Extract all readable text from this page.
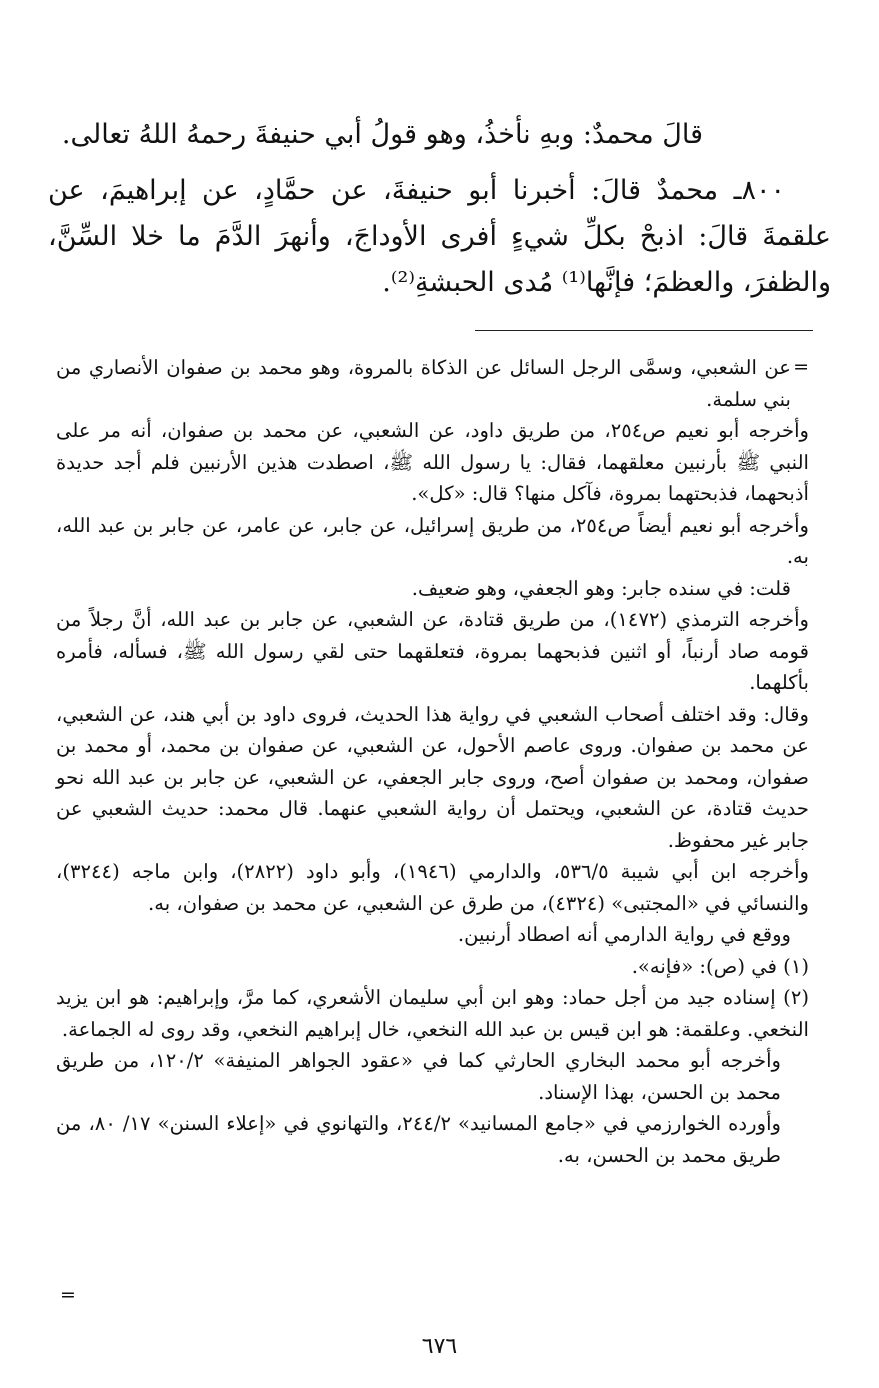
قالَ محمدٌ: وبهِ نأخذُ، وهو قولُ أبي حنيفةَ رحمهُ اللهُ تعالى.

٨٠٠ـ محمدٌ قالَ: أخبرنا أبو حنيفةَ، عن حمَّادٍ، عن إبراهيمَ، عن علقمةَ قالَ: اذبحْ بكلِّ شيءٍ أفرى الأوداجَ، وأنهرَ الدَّمَ ما خلا السِّنَّ، والظفرَ، والعظمَ؛ فإنَّها⁽¹⁾ مُدى الحبشةِ⁽²⁾.

=

عن الشعبي، وسمَّى الرجل السائل عن الذكاة بالمروة، وهو محمد بن صفوان الأنصاري من بني سلمة.

وأخرجه أبو نعيم ص٢٥٤، من طريق داود، عن الشعبي، عن محمد بن صفوان، أنه مر على النبي ﷺ بأرنبين معلقهما، فقال: يا رسول الله ﷺ، اصطدت هذين الأرنبين فلم أجد حديدة أذبحهما، فذبحتهما بمروة، فآكل منها؟ قال: «كل».

وأخرجه أبو نعيم أيضاً ص٢٥٤، من طريق إسرائيل، عن جابر، عن عامر، عن جابر بن عبد الله، به.

قلت: في سنده جابر: وهو الجعفي، وهو ضعيف.

وأخرجه الترمذي (١٤٧٢)، من طريق قتادة، عن الشعبي، عن جابر بن عبد الله، أنَّ رجلاً من قومه صاد أرنباً، أو اثنين فذبحهما بمروة، فتعلقهما حتى لقي رسول الله ﷺ، فسأله، فأمره بأكلهما.

وقال: وقد اختلف أصحاب الشعبي في رواية هذا الحديث، فروى داود بن أبي هند، عن الشعبي، عن محمد بن صفوان. وروى عاصم الأحول، عن الشعبي، عن صفوان بن محمد، أو محمد بن صفوان، ومحمد بن صفوان أصح، وروى جابر الجعفي، عن الشعبي، عن جابر بن عبد الله نحو حديث قتادة، عن الشعبي، ويحتمل أن رواية الشعبي عنهما. قال محمد: حديث الشعبي عن جابر غير محفوظ.

وأخرجه ابن أبي شيبة ٥٣٦/٥، والدارمي (١٩٤٦)، وأبو داود (٢٨٢٢)، وابن ماجه (٣٢٤٤)، والنسائي في «المجتبى» (٤٣٢٤)، من طرق عن الشعبي، عن محمد بن صفوان، به.

ووقع في رواية الدارمي أنه اصطاد أرنبين.

(١) في (ص): «فإنه».

(٢) إسناده جيد من أجل حماد: وهو ابن أبي سليمان الأشعري، كما مرَّ، وإبراهيم: هو ابن يزيد النخعي. وعلقمة: هو ابن قيس بن عبد الله النخعي، خال إبراهيم النخعي، وقد روى له الجماعة.

وأخرجه أبو محمد البخاري الحارثي كما في «عقود الجواهر المنيفة» ١٢٠/٢، من طريق محمد بن الحسن، بهذا الإسناد.

وأورده الخوارزمي في «جامع المسانيد» ٢٤٤/٢، والتهانوي في «إعلاء السنن» ١٧/ ٨٠، من طريق محمد بن الحسن، به.

=
٦٧٦
